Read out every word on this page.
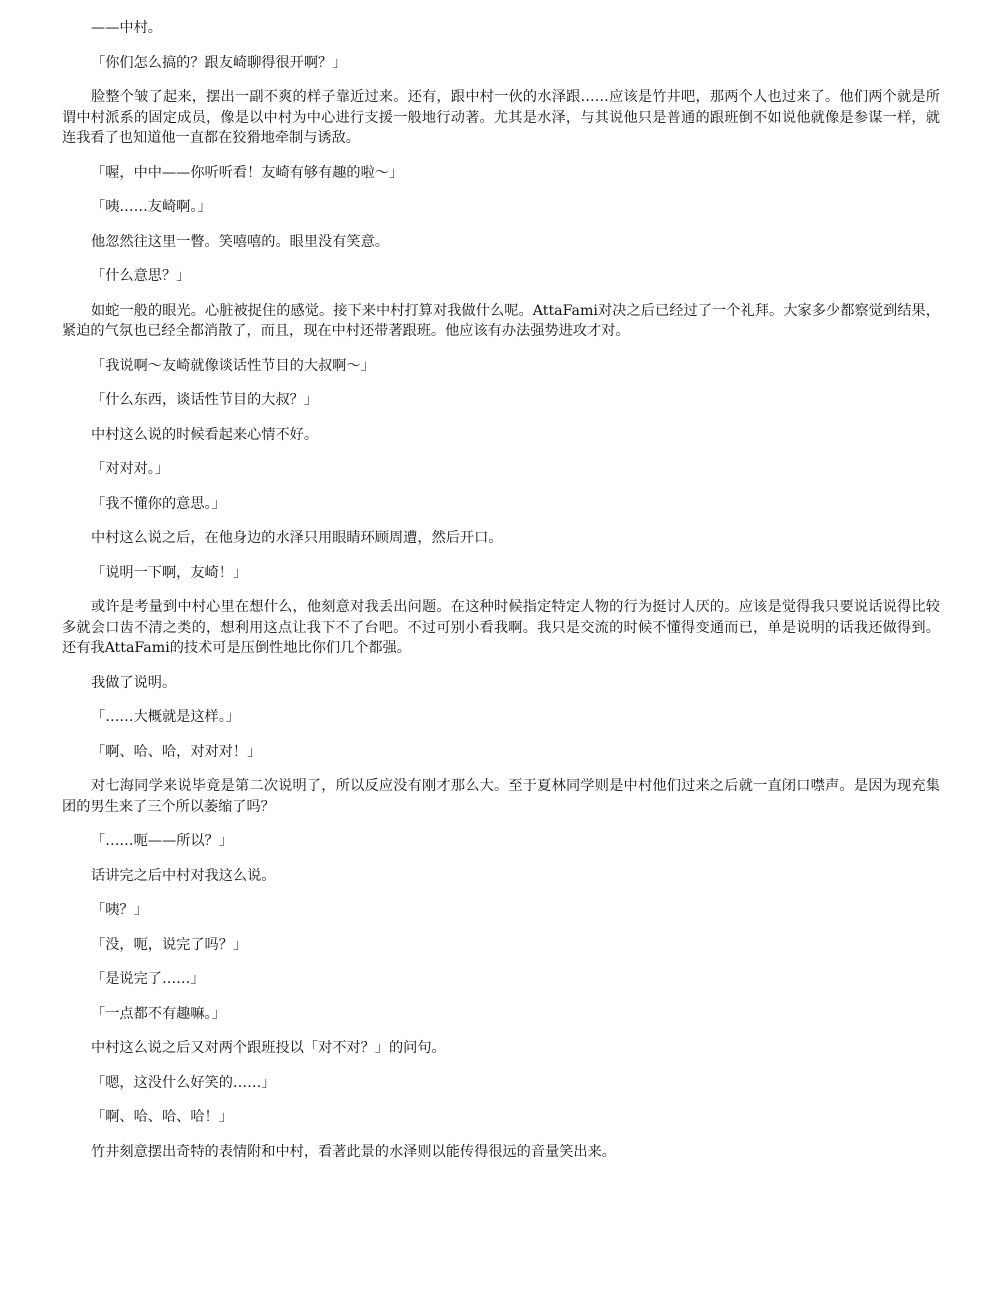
——中村。

「你们怎么搞的？跟友崎聊得很开啊？」

脸整个皱了起来，摆出一副不爽的样子靠近过来。还有，跟中村一伙的水泽跟……应该是竹井吧，那两个人也过来了。他们两个就是所谓中村派系的固定成员，像是以中村为中心进行支援一般地行动著。尤其是水泽，与其说他只是普通的跟班倒不如说他就像是参谋一样，就连我看了也知道他一直都在狡猾地牵制与诱敌。

「喔，中中——你听听看！友崎有够有趣的啦～」

「咦……友崎啊。」

他忽然往这里一瞥。笑嘻嘻的。眼里没有笑意。

「什么意思？」

如蛇一般的眼光。心脏被捉住的感觉。接下来中村打算对我做什么呢。AttaFami对决之后已经过了一个礼拜。大家多少都察觉到结果，紧迫的气氛也已经全都消散了，而且，现在中村还带著跟班。他应该有办法强势进攻才对。

「我说啊～友崎就像谈话性节目的大叔啊～」

「什么东西，谈话性节目的大叔？」

中村这么说的时候看起来心情不好。

「对对对。」

「我不懂你的意思。」

中村这么说之后，在他身边的水泽只用眼睛环顾周遭，然后开口。

「说明一下啊，友崎！」

或许是考量到中村心里在想什么，他刻意对我丢出问题。在这种时候指定特定人物的行为挺讨人厌的。应该是觉得我只要说话说得比较多就会口齿不清之类的，想利用这点让我下不了台吧。不过可别小看我啊。我只是交流的时候不懂得变通而已，单是说明的话我还做得到。还有我AttaFami的技术可是压倒性地比你们几个都强。

我做了说明。

「……大概就是这样。」

「啊、哈、哈，对对对！」

对七海同学来说毕竟是第二次说明了，所以反应没有刚才那么大。至于夏林同学则是中村他们过来之后就一直闭口噤声。是因为现充集团的男生来了三个所以萎缩了吗？

「……呃——所以？」

话讲完之后中村对我这么说。

「咦？」

「没，呃，说完了吗？」

「是说完了……」

「一点都不有趣嘛。」

中村这么说之后又对两个跟班投以「对不对？」的问句。

「嗯，这没什么好笑的……」

「啊、哈、哈、哈！」

竹井刻意摆出奇特的表情附和中村，看著此景的水泽则以能传得很远的音量笑出来。
